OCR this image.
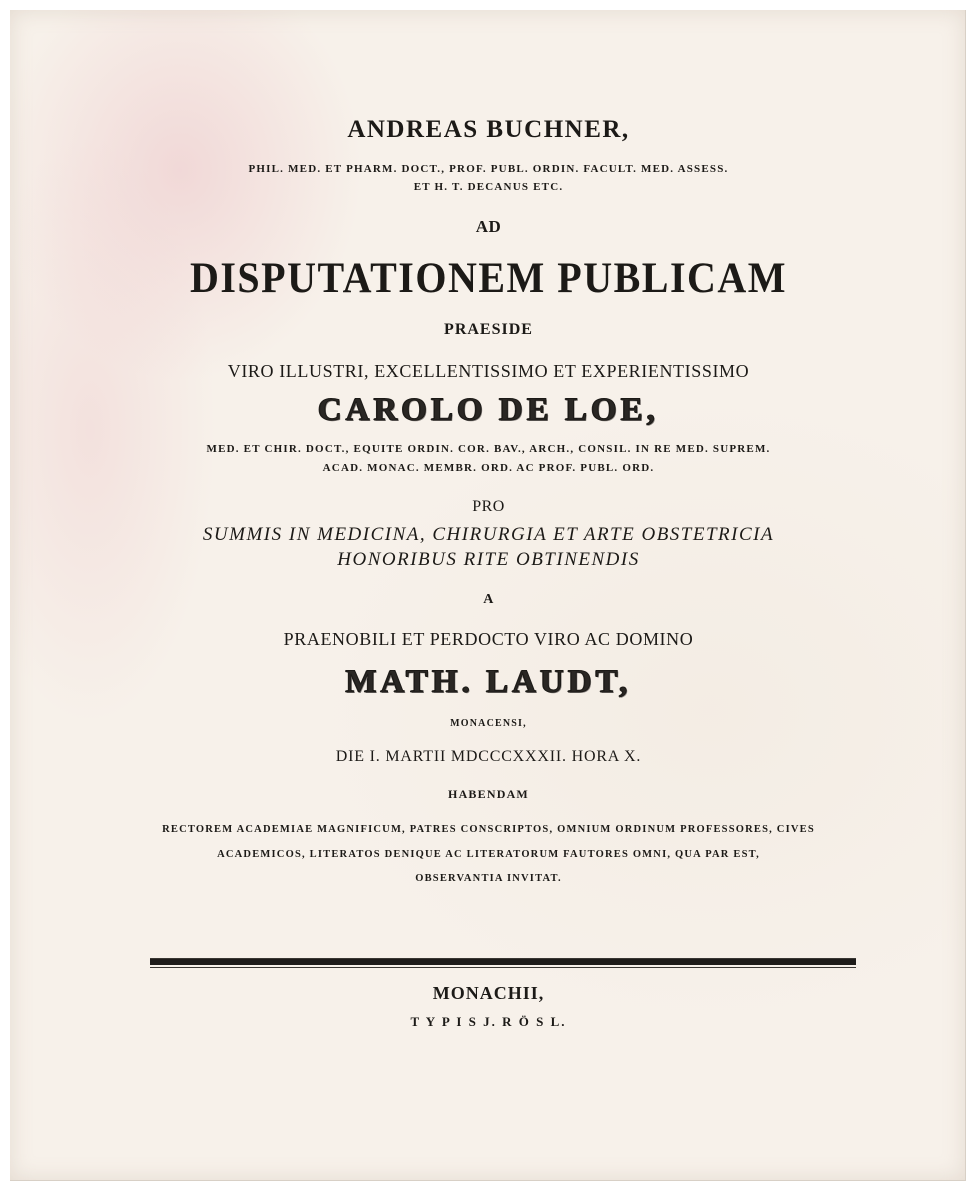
ANDREAS BUCHNER,
PHIL. MED. ET PHARM. DOCT., PROF. PUBL. ORDIN. FACULT. MED. ASSESS.
ET H. T. DECANUS ETC.
AD
DISPUTATIONEM PUBLICAM
PRAESIDE
VIRO ILLUSTRI, EXCELLENTISSIMO ET EXPERIENTISSIMO
CAROLO DE LOE,
MED. ET CHIR. DOCT., EQUITE ORDIN. COR. BAV., ARCH., CONSIL. IN RE MED. SUPREM.
ACAD. MONAC. MEMBR. ORD. AC PROF. PUBL. ORD.
PRO
SUMMIS IN MEDICINA, CHIRURGIA ET ARTE OBSTETRICIA
HONORIBUS RITE OBTINENDIS
A
PRAENOBILI ET PERDOCTO VIRO AC DOMINO
MATH. LAUDT,
MONACENSI,
DIE I. MARTII MDCCCXXXII. HORA X.
HABENDAM
RECTOREM ACADEMIAE MAGNIFICUM, PATRES CONSCRIPTOS, OMNIUM ORDINUM PROFESSORES, CIVES
ACADEMICOS, LITERATOS DENIQUE AC LITERATORUM FAUTORES OMNI, QUA PAR EST,
OBSERVANTIA INVITAT.
MONACHII,
T Y P I S J. R Ö S L.
